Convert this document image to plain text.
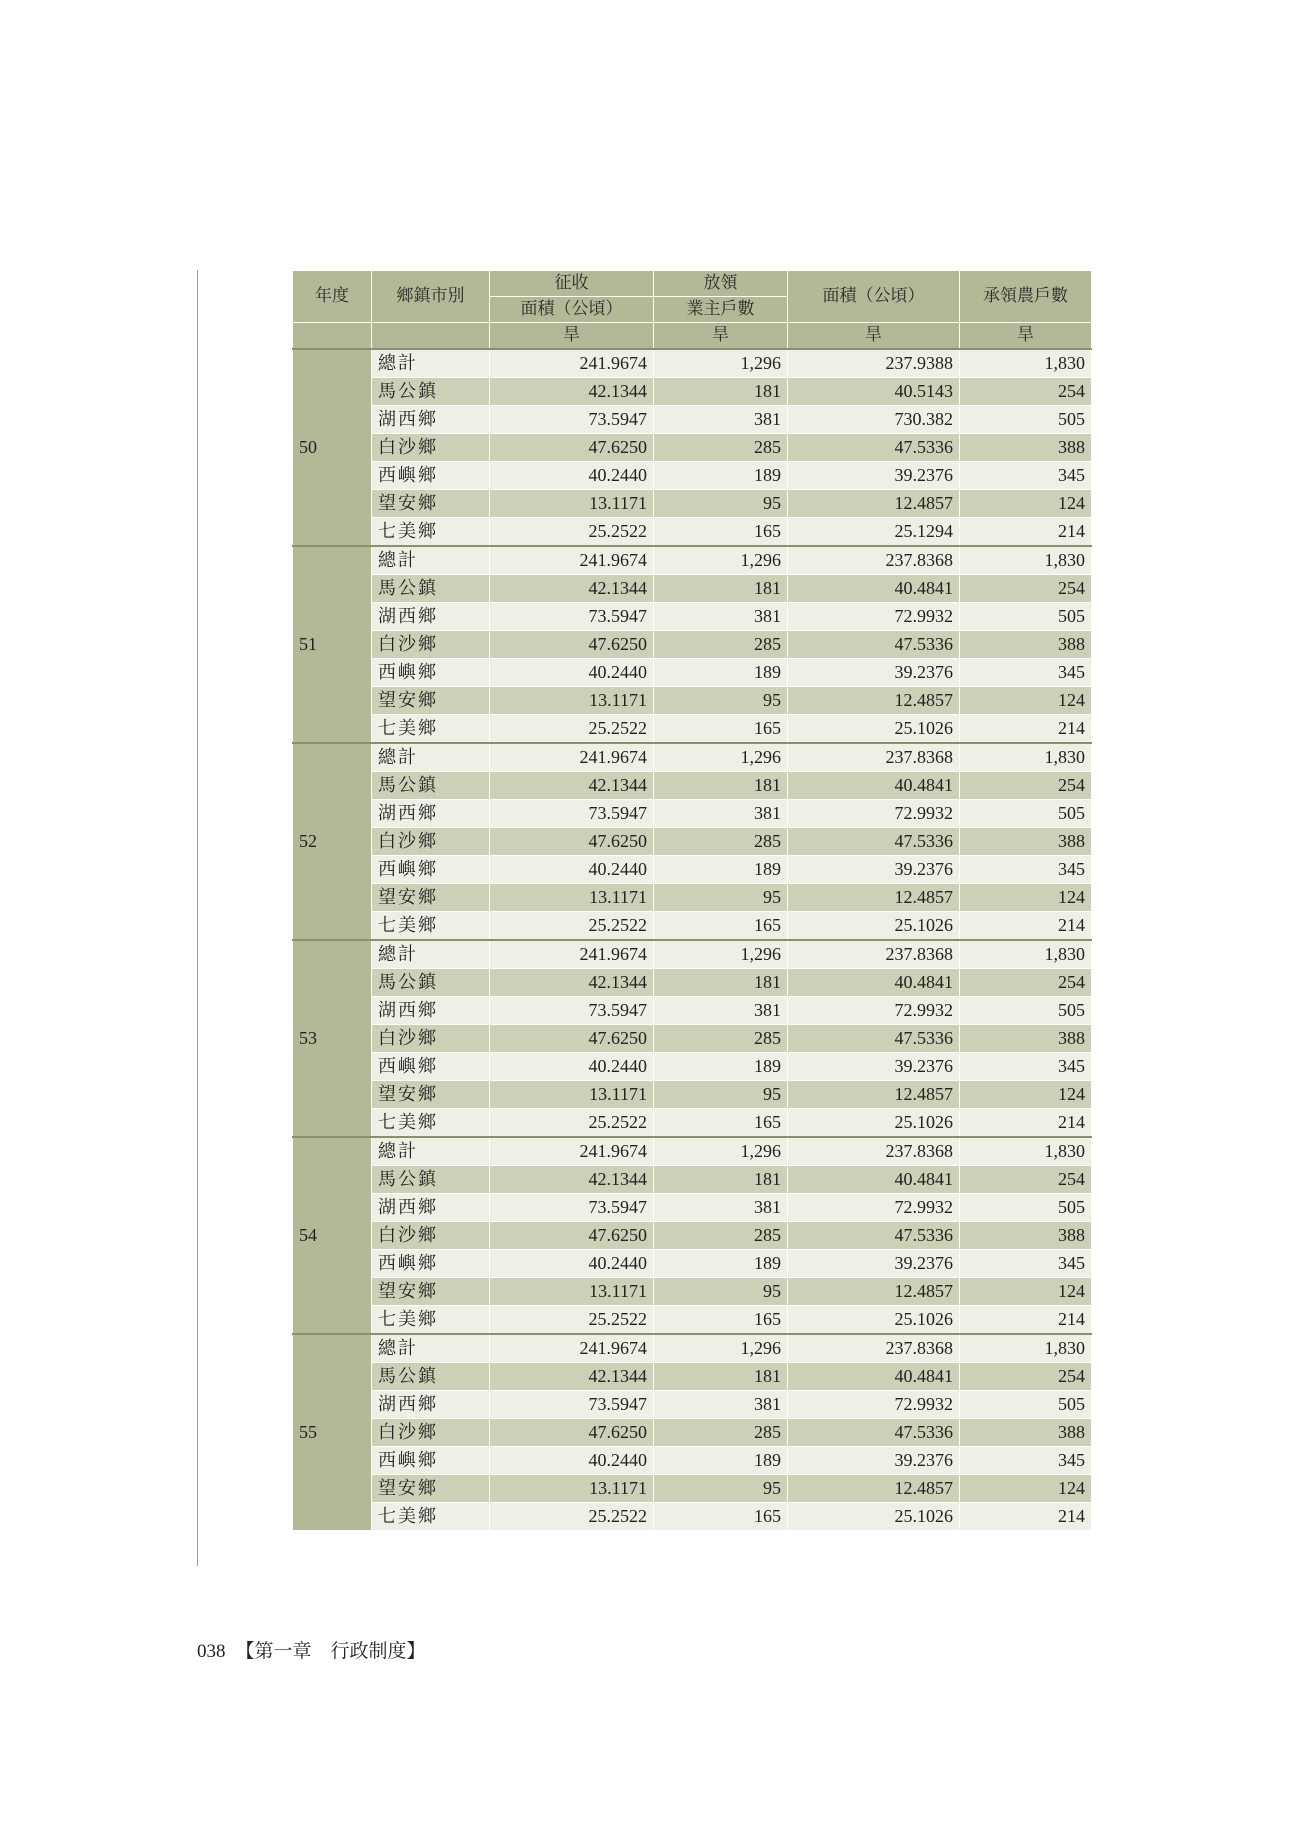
年度	鄉鎮市別	征收	放領	面積（公頃）	承領農戶數
		面積（公頃）	業主戶數		
		旱	旱	旱	旱
50	總計	241.9674	1,296	237.9388	1,830
	馬公鎮	42.1344	181	40.5143	254
	湖西鄉	73.5947	381	730.382	505
	白沙鄉	47.6250	285	47.5336	388
	西嶼鄉	40.2440	189	39.2376	345
	望安鄉	13.1171	95	12.4857	124
	七美鄉	25.2522	165	25.1294	214
51	總計	241.9674	1,296	237.8368	1,830
	馬公鎮	42.1344	181	40.4841	254
	湖西鄉	73.5947	381	72.9932	505
	白沙鄉	47.6250	285	47.5336	388
	西嶼鄉	40.2440	189	39.2376	345
	望安鄉	13.1171	95	12.4857	124
	七美鄉	25.2522	165	25.1026	214
52	總計	241.9674	1,296	237.8368	1,830
	馬公鎮	42.1344	181	40.4841	254
	湖西鄉	73.5947	381	72.9932	505
	白沙鄉	47.6250	285	47.5336	388
	西嶼鄉	40.2440	189	39.2376	345
	望安鄉	13.1171	95	12.4857	124
	七美鄉	25.2522	165	25.1026	214
53	總計	241.9674	1,296	237.8368	1,830
	馬公鎮	42.1344	181	40.4841	254
	湖西鄉	73.5947	381	72.9932	505
	白沙鄉	47.6250	285	47.5336	388
	西嶼鄉	40.2440	189	39.2376	345
	望安鄉	13.1171	95	12.4857	124
	七美鄉	25.2522	165	25.1026	214
54	總計	241.9674	1,296	237.8368	1,830
	馬公鎮	42.1344	181	40.4841	254
	湖西鄉	73.5947	381	72.9932	505
	白沙鄉	47.6250	285	47.5336	388
	西嶼鄉	40.2440	189	39.2376	345
	望安鄉	13.1171	95	12.4857	124
	七美鄉	25.2522	165	25.1026	214
55	總計	241.9674	1,296	237.8368	1,830
	馬公鎮	42.1344	181	40.4841	254
	湖西鄉	73.5947	381	72.9932	505
	白沙鄉	47.6250	285	47.5336	388
	西嶼鄉	40.2440	189	39.2376	345
	望安鄉	13.1171	95	12.4857	124
	七美鄉	25.2522	165	25.1026	214
038 【第一章　行政制度】
